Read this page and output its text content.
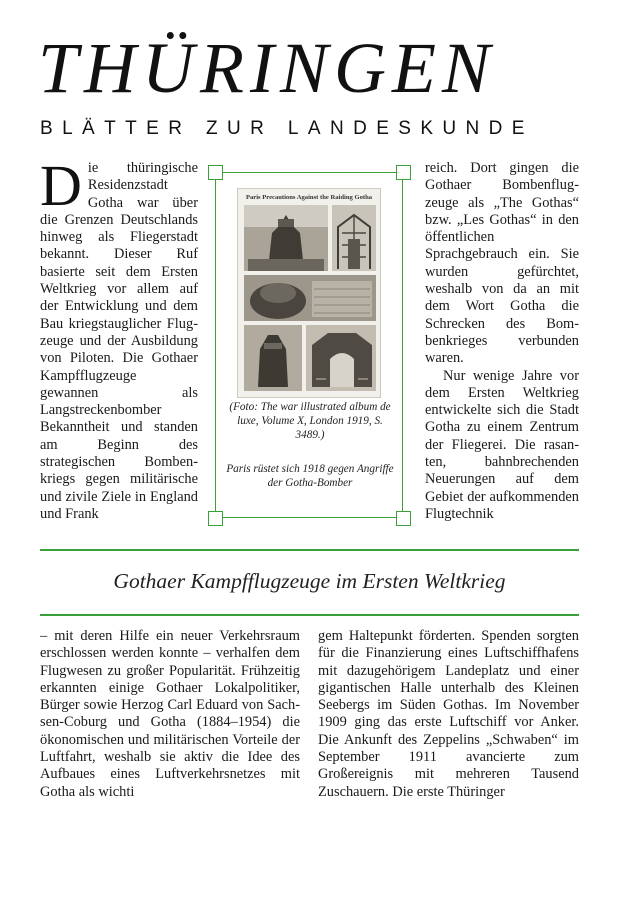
THÜRINGEN
BLÄTTER ZUR LANDESKUNDE

Die thüringische Residenzstadt Gotha war über die Grenzen Deutschlands hinweg als Fliegerstadt bekannt. Dieser Ruf basierte seit dem Ersten Weltkrieg vor allem auf der Entwicklung und dem Bau kriegstauglicher Flugzeuge und der Ausbildung von Piloten. Die Gothaer Kampfflugzeuge gewannen als Langstreckenbomber Bekanntheit und standen am Beginn des strategischen Bombenkriegs gegen militärische und zivile Ziele in England und Frank

Paris Precautions Against the Raiding Gotha

(Foto: The war illustrated album de luxe, Volume X, London 1919, S. 3489.)

Paris rüstet sich 1918 gegen Angriffe der Gotha-Bomber

reich. Dort gingen die Gothaer Bombenflugzeuge als „The Gothas“ bzw. „Les Gothas“ in den öffentlichen Sprachgebrauch ein. Sie wurden gefürchtet, weshalb von da an mit dem Wort Gotha die Schrecken des Bombenkrieges verbunden waren.

Nur wenige Jahre vor dem Ersten Weltkrieg entwickelte sich die Stadt Gotha zu einem Zentrum der Fliegerei. Die rasanten, bahnbrechenden Neuerungen auf dem Gebiet der aufkommenden Flugtechnik

Gothaer Kampfflugzeuge im Ersten Weltkrieg

– mit deren Hilfe ein neuer Verkehrsraum erschlossen werden konnte – verhalfen dem Flugwesen zu großer Popularität. Frühzeitig erkannten einige Gothaer Lokalpolitiker, Bürger sowie Herzog Carl Eduard von Sachsen-Coburg und Gotha (1884–1954) die ökonomischen und militärischen Vorteile der Luftfahrt, weshalb sie aktiv die Idee des Aufbaues eines Luftverkehrsnetzes mit Gotha als wichti

gem Haltepunkt förderten. Spenden sorgten für die Finanzierung eines Luftschiffhafens mit dazugehörigem Landeplatz und einer gigantischen Halle unterhalb des Kleinen Seebergs im Süden Gothas. Im November 1909 ging das erste Luftschiff vor Anker. Die Ankunft des Zeppelins „Schwaben“ im September 1911 avancierte zum Großereignis mit mehreren Tausend Zuschauern. Die erste Thüringer
